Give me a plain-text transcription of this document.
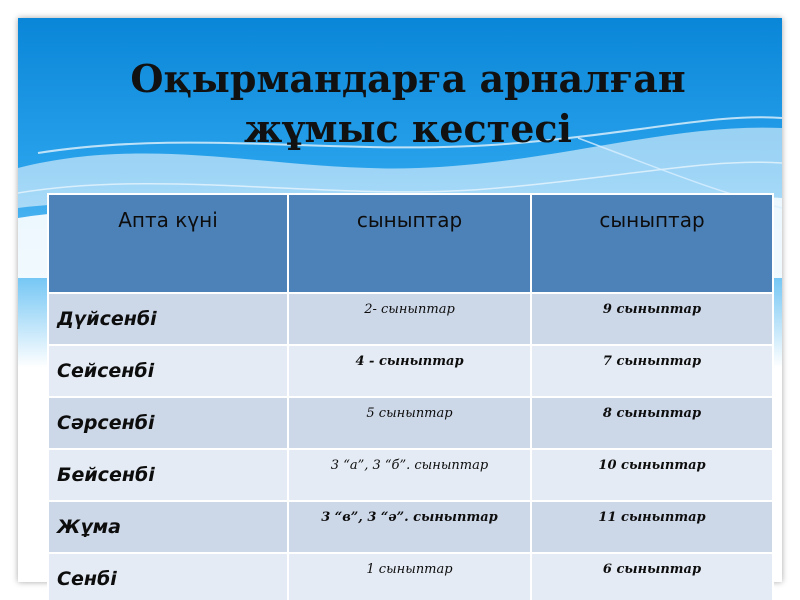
Оқырмандарға арналған жұмыс кестесі
Апта күні	сыныптар	сыныптар
Дүйсенбі	2- сыныптар	9 сыныптар
Сейсенбі	4 - сыныптар	7 сыныптар
Сәрсенбі	5 сыныптар	8 сыныптар
Бейсенбі	3 “а”, 3 “б”. сыныптар	10 сыныптар
Жұма	3 “в”, 3 “ә”. сыныптар	11 сыныптар
Сенбі	1 сыныптар	6 сыныптар
